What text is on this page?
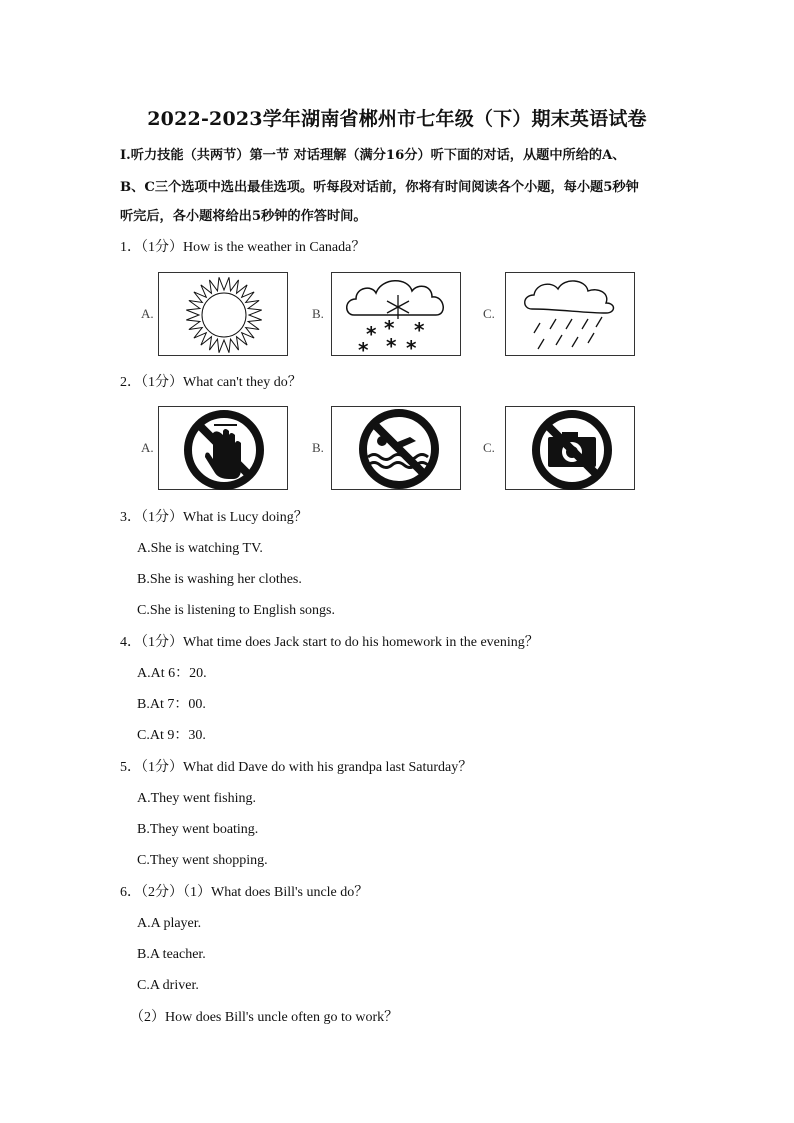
2022-2023学年湖南省郴州市七年级（下）期末英语试卷
Ⅰ.听力技能（共两节）第一节 对话理解（满分16分）听下面的对话，从题中所给的A、
B、C三个选项中选出最佳选项。听每段对话前，你将有时间阅读各个小题，每小题5秒钟
听完后，各小题将给出5秒钟的作答时间。
1．（1分）How is the weather in Canada？
A.	B.
* * *
* * *
C.
2．（1分）What can't they do？
A.	B.	C.
3．（1分）What is Lucy doing？
A.She is watching TV.
B.She is washing her clothes.
C.She is listening to English songs.
4．（1分）What time does Jack start to do his homework in the evening？
A.At 6：20.
B.At 7：00.
C.At 9：30.
5．（1分）What did Dave do with his grandpa last Saturday？
A.They went fishing.
B.They went boating.
C.They went shopping.
6．（2分）（1）What does Bill's uncle do？
A.A player.
B.A teacher.
C.A driver.
（2）How does Bill's uncle often go to work？
